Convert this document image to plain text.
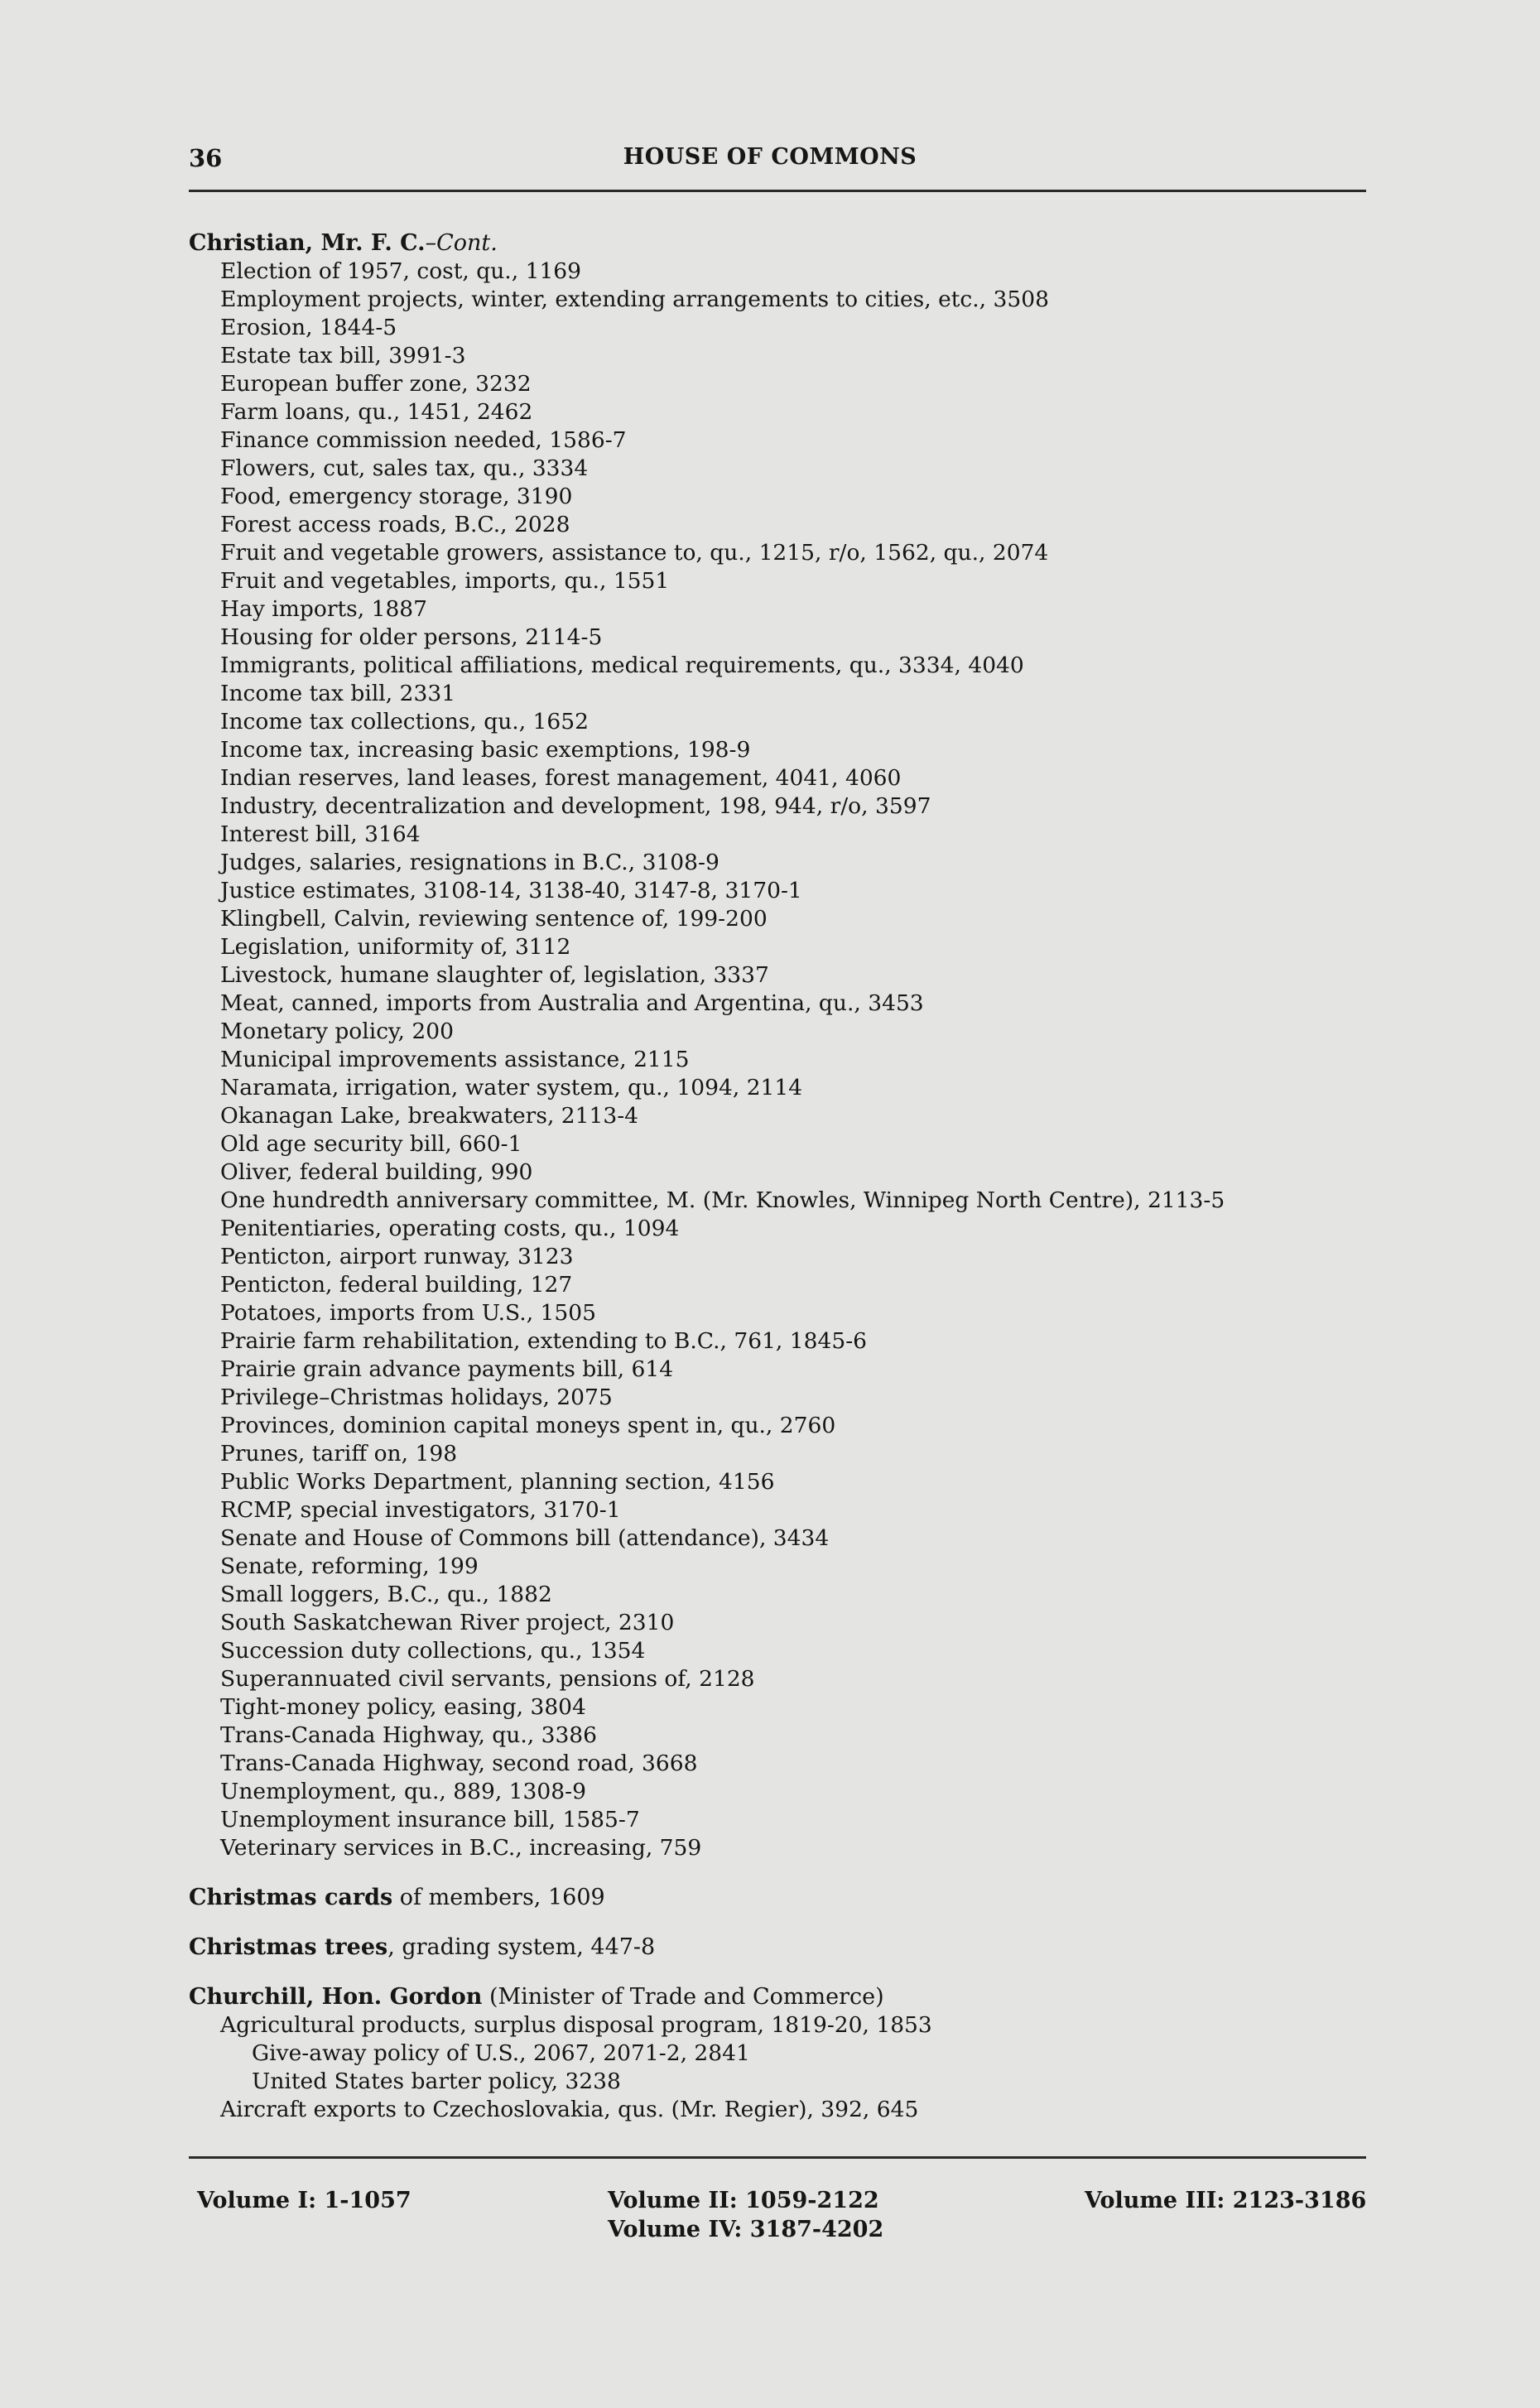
36	HOUSE OF COMMONS
Christian, Mr. F. C.–Cont.
Election of 1957, cost, qu., 1169
Employment projects, winter, extending arrangements to cities, etc., 3508
Erosion, 1844-5
Estate tax bill, 3991-3
European buffer zone, 3232
Farm loans, qu., 1451, 2462
Finance commission needed, 1586-7
Flowers, cut, sales tax, qu., 3334
Food, emergency storage, 3190
Forest access roads, B.C., 2028
Fruit and vegetable growers, assistance to, qu., 1215, r/o, 1562, qu., 2074
Fruit and vegetables, imports, qu., 1551
Hay imports, 1887
Housing for older persons, 2114-5
Immigrants, political affiliations, medical requirements, qu., 3334, 4040
Income tax bill, 2331
Income tax collections, qu., 1652
Income tax, increasing basic exemptions, 198-9
Indian reserves, land leases, forest management, 4041, 4060
Industry, decentralization and development, 198, 944, r/o, 3597
Interest bill, 3164
Judges, salaries, resignations in B.C., 3108-9
Justice estimates, 3108-14, 3138-40, 3147-8, 3170-1
Klingbell, Calvin, reviewing sentence of, 199-200
Legislation, uniformity of, 3112
Livestock, humane slaughter of, legislation, 3337
Meat, canned, imports from Australia and Argentina, qu., 3453
Monetary policy, 200
Municipal improvements assistance, 2115
Naramata, irrigation, water system, qu., 1094, 2114
Okanagan Lake, breakwaters, 2113-4
Old age security bill, 660-1
Oliver, federal building, 990
One hundredth anniversary committee, M. (Mr. Knowles, Winnipeg North Centre), 2113-5
Penitentiaries, operating costs, qu., 1094
Penticton, airport runway, 3123
Penticton, federal building, 127
Potatoes, imports from U.S., 1505
Prairie farm rehabilitation, extending to B.C., 761, 1845-6
Prairie grain advance payments bill, 614
Privilege–Christmas holidays, 2075
Provinces, dominion capital moneys spent in, qu., 2760
Prunes, tariff on, 198
Public Works Department, planning section, 4156
RCMP, special investigators, 3170-1
Senate and House of Commons bill (attendance), 3434
Senate, reforming, 199
Small loggers, B.C., qu., 1882
South Saskatchewan River project, 2310
Succession duty collections, qu., 1354
Superannuated civil servants, pensions of, 2128
Tight-money policy, easing, 3804
Trans-Canada Highway, qu., 3386
Trans-Canada Highway, second road, 3668
Unemployment, qu., 889, 1308-9
Unemployment insurance bill, 1585-7
Veterinary services in B.C., increasing, 759
Christmas cards of members, 1609
Christmas trees, grading system, 447-8
Churchill, Hon. Gordon (Minister of Trade and Commerce)
Agricultural products, surplus disposal program, 1819-20, 1853
Give-away policy of U.S., 2067, 2071-2, 2841
United States barter policy, 3238
Aircraft exports to Czechoslovakia, qus. (Mr. Regier), 392, 645
Volume I: 1-1057	Volume II: 1059-2122
Volume IV: 3187-4202
Volume III: 2123-3186
